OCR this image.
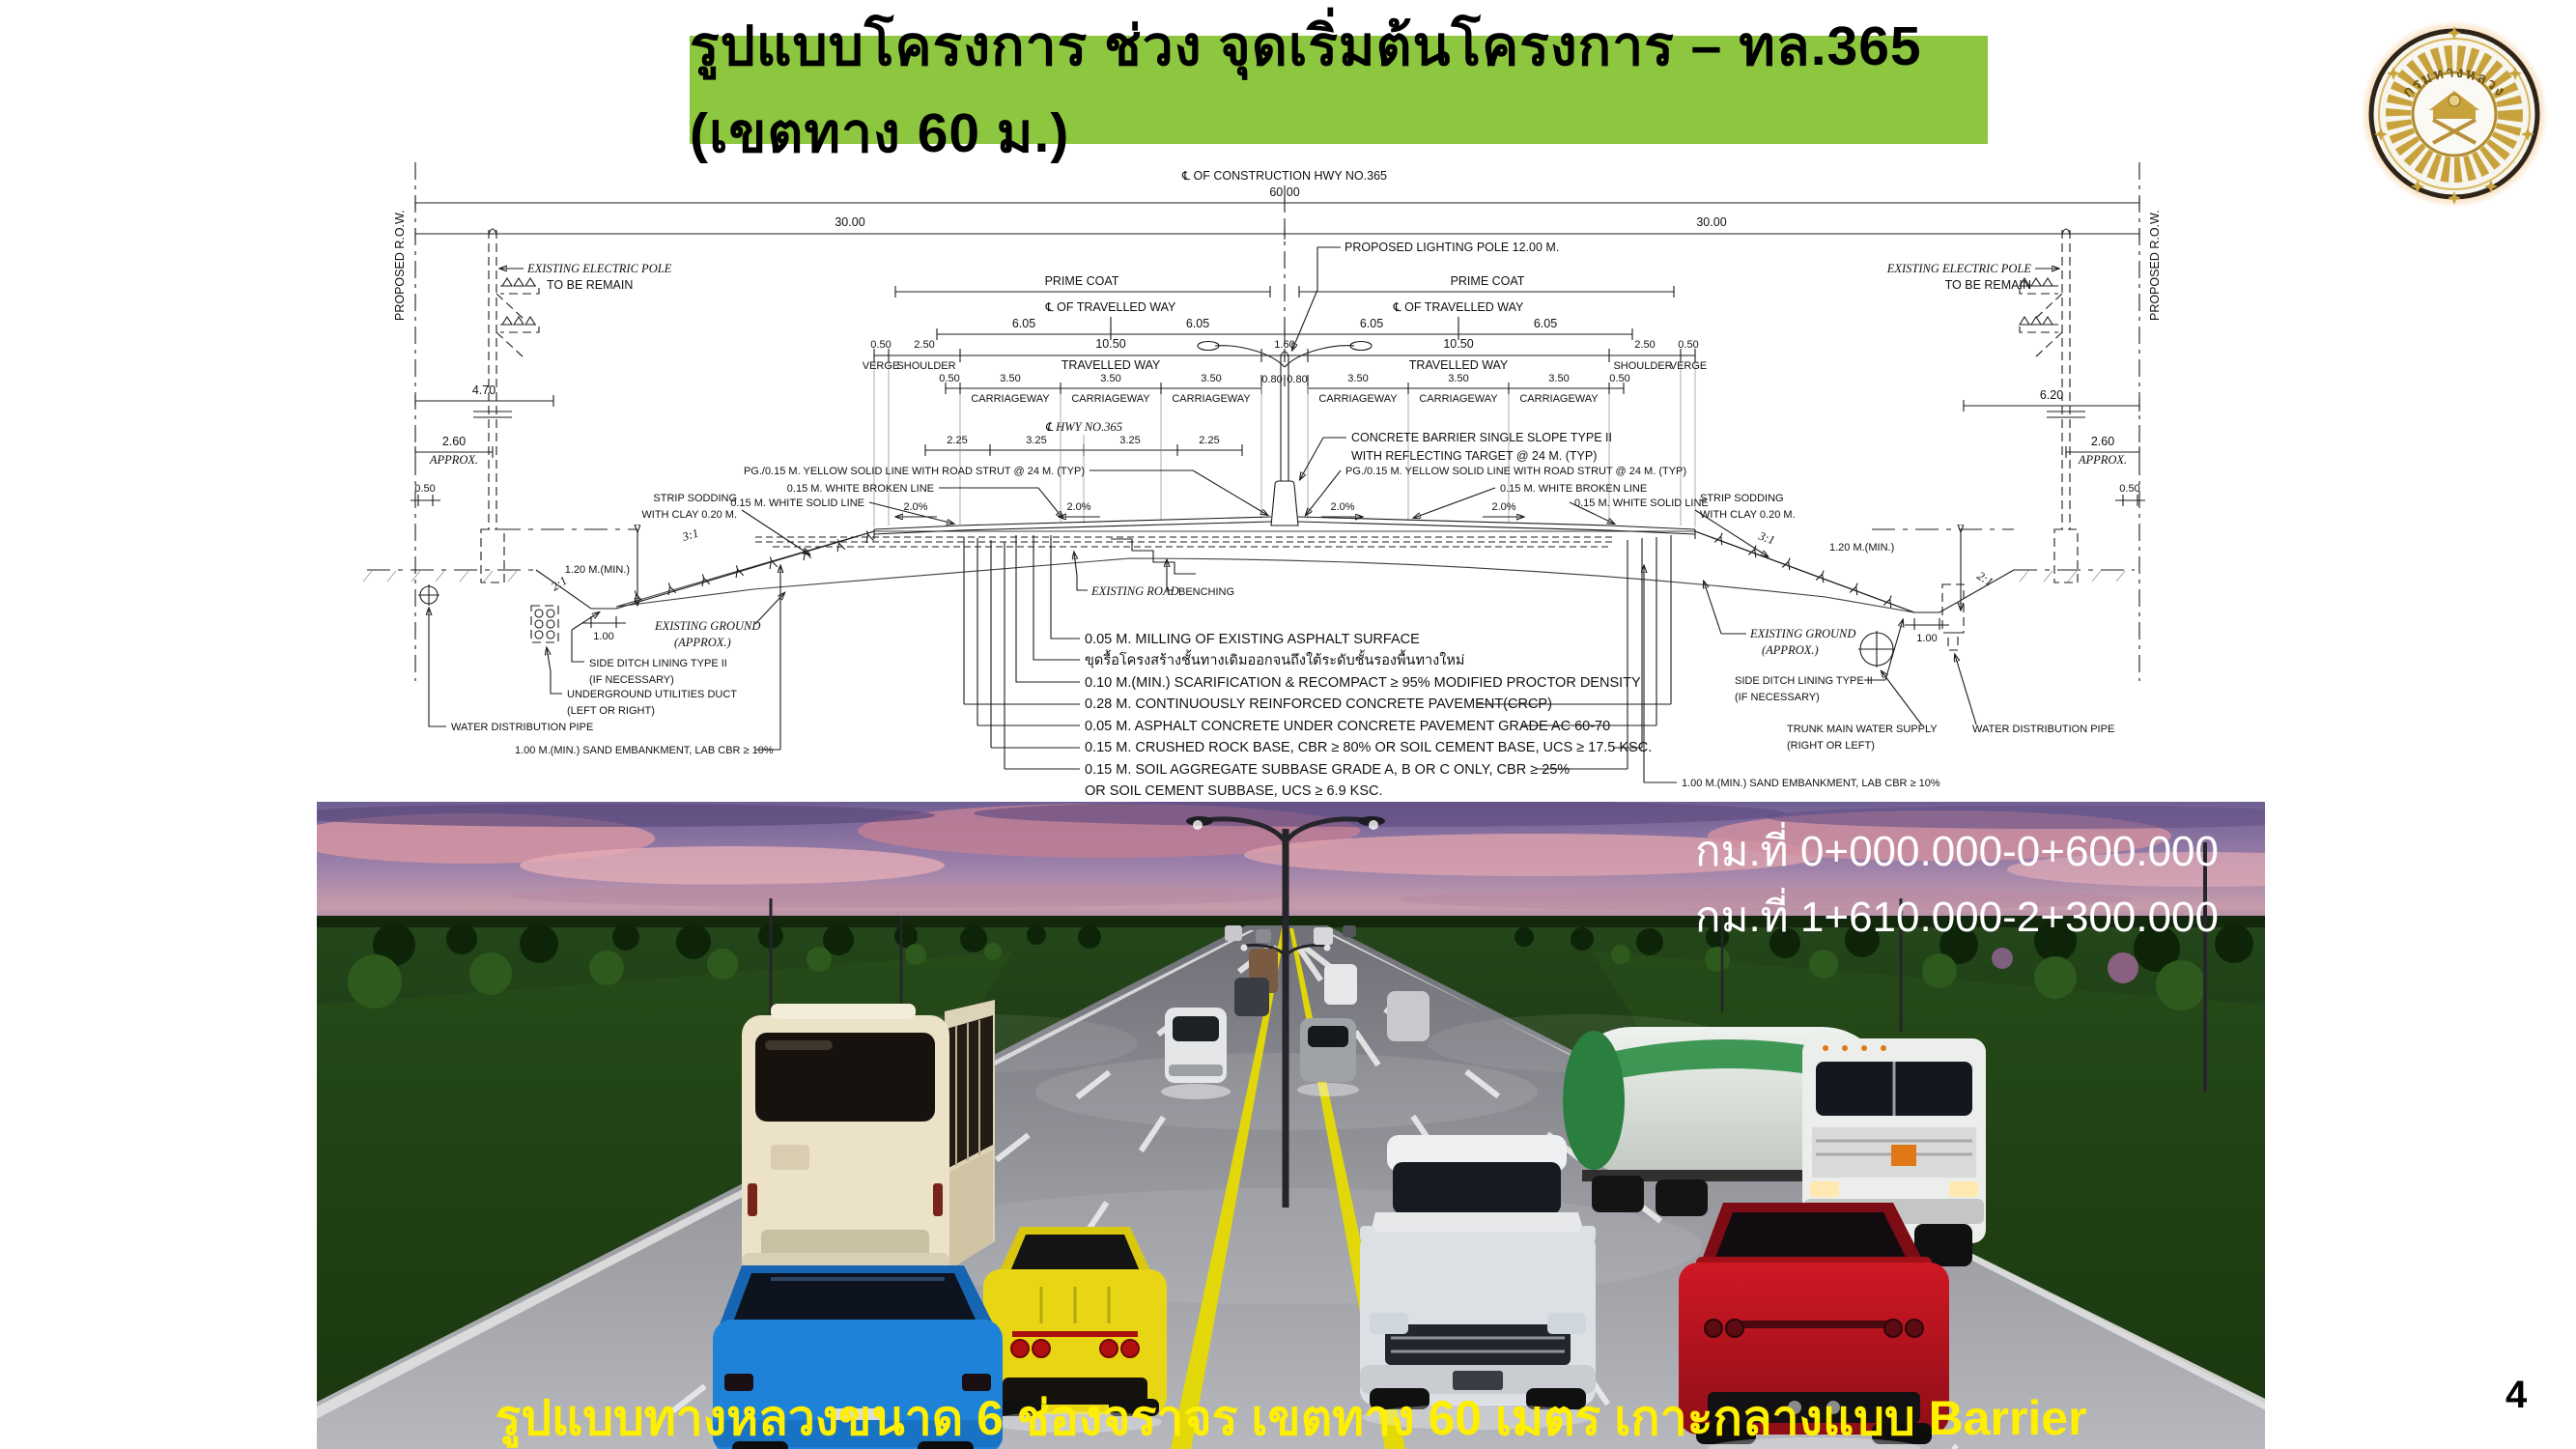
รูปแบบโครงการ ช่วง จุดเริ่มต้นโครงการ – ทล.365 (เขตทาง 60 ม.)
กรมทางหลวง
PROPOSED R.O.W.	PROPOSED R.O.W.
℄ OF CONSTRUCTION HWY NO.365
60.00
30.00	30.00
EXISTING ELECTRIC POLE
TO BE REMAIN
EXISTING ELECTRIC POLE
TO BE REMAIN
4.70
2.60
APPROX.
0.50
6.20
2.60
APPROX.
0.50
PROPOSED LIGHTING POLE 12.00 M.
PRIME COAT	PRIME COAT
℄ OF TRAVELLED WAY	℄ OF TRAVELLED WAY
6.05	6.05	6.05	6.05
0.50 2.50	10.50	1.60	10.50	2.50 0.50
VERGE
SHOULDER	TRAVELLED WAY	TRAVELLED WAY	SHOULDER
VERGE
0.80 0.80
0.50	3.50	3.50	3.50	3.50	3.50	3.50	0.50
CARRIAGEWAY CARRIAGEWAY CARRIAGEWAY	CARRIAGEWAY CARRIAGEWAY CARRIAGEWAY
℄ HWY NO.365
2.25	3.25	3.25	2.25	CONCRETE BARRIER SINGLE SLOPE TYPE II
WITH REFLECTING TARGET @ 24 M. (TYP)
PG./0.15 M. YELLOW SOLID LINE WITH ROAD STRUT @ 24 M. (TYP)	PG./0.15 M. YELLOW SOLID LINE WITH ROAD STRUT @ 24 M. (TYP)
0.15 M. WHITE BROKEN LINE	0.15 M. WHITE BROKEN LINE
0.15 M. WHITE SOLID LINE	0.15 M. WHITE SOLID LINE
STRIP SODDING
WITH CLAY 0.20 M.
STRIP SODDING
WITH CLAY 0.20 M.
2.0%	2.0%	2.0%	2.0%
3:1	3:1
2:1	2:1
1.20 M.(MIN.)
1.00
1.20 M.(MIN.)
1.00
EXISTING GROUND
(APPROX.)
SIDE DITCH LINING TYPE II
(IF NECESSARY)
UNDERGROUND UTILITIES DUCT
(LEFT OR RIGHT)
WATER DISTRIBUTION PIPE
1.00 M.(MIN.) SAND EMBANKMENT, LAB CBR ≥ 10%
EXISTING GROUND
(APPROX.)
SIDE DITCH LINING TYPE II
(IF NECESSARY)
TRUNK MAIN WATER SUPPLY
(RIGHT OR LEFT)
WATER DISTRIBUTION PIPE
1.00 M.(MIN.) SAND EMBANKMENT, LAB CBR ≥ 10%
EXISTING ROAD BENCHING
0.05 M. MILLING OF EXISTING ASPHALT SURFACE
ขุดรื้อโครงสร้างชั้นทางเดิมออกจนถึงใต้ระดับชั้นรองพื้นทางใหม่
0.10 M.(MIN.) SCARIFICATION & RECOMPACT ≥ 95% MODIFIED PROCTOR DENSITY
0.28 M. CONTINUOUSLY REINFORCED CONCRETE PAVEMENT(CRCP)
0.05 M. ASPHALT CONCRETE UNDER CONCRETE PAVEMENT GRADE AC 60-70
0.15 M. CRUSHED ROCK BASE, CBR ≥ 80% OR SOIL CEMENT BASE, UCS ≥ 17.5 KSC.
0.15 M. SOIL AGGREGATE SUBBASE GRADE A, B OR C ONLY, CBR ≥ 25%
OR SOIL CEMENT SUBBASE, UCS ≥ 6.9 KSC.
กม.ที่ 0+000.000-0+600.000
กม.ที่ 1+610.000-2+300.000
รูปแบบทางหลวงขนาด 6 ช่องจราจร เขตทาง 60 เมตร เกาะกลางแบบ Barrier	4
